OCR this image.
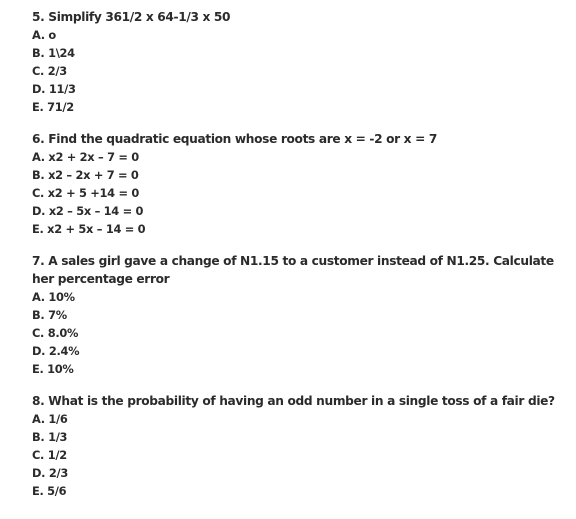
5. Simplify 361/2 x 64-1/3 x 50

A. o
B. 1\24
C. 2/3
D. 11/3
E. 71/2

6. Find the quadratic equation whose roots are x = -2 or x = 7

A. x2 + 2x – 7 = 0
B. x2 – 2x + 7 = 0
C. x2 + 5 +14 = 0
D. x2 – 5x – 14 = 0
E. x2 + 5x – 14 = 0

7. A sales girl gave a change of N1.15 to a customer instead of N1.25. Calculate her percentage error

A. 10%
B. 7%
C. 8.0%
D. 2.4%
E. 10%

8. What is the probability of having an odd number in a single toss of a fair die?

A. 1/6
B. 1/3
C. 1/2
D. 2/3
E. 5/6
